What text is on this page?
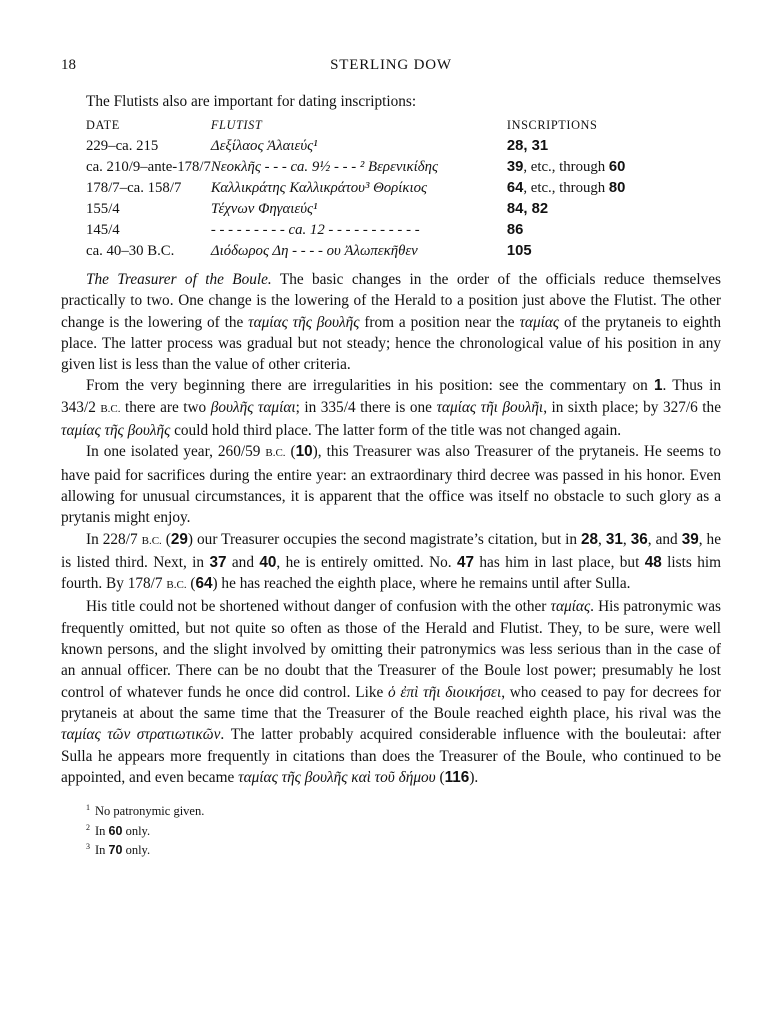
18	STERLING DOW
The Flutists also are important for dating inscriptions:
DATE	FLUTIST	INSCRIPTIONS
229–ca. 215	Δεξίλαος Ἁλαιεύς¹	28, 31
ca. 210/9–ante-178/7	Νεοκλῆς - - - ca. 9½ - - - ² Βερενικίδης	39, etc., through 60
178/7–ca. 158/7	Καλλικράτης Καλλικράτου³ Θορίκιος	64, etc., through 80
155/4	Τέχνων Φηγαιεύς¹	84, 82
145/4	- - - - - - - - - ca. 12 - - - - - - - - - - -	86
ca. 40–30 B.C.	Διόδωρος Δη - - - - ου Ἀλωπεκῆθεν	105

The Treasurer of the Boule. The basic changes in the order of the officials reduce themselves practically to two. One change is the lowering of the Herald to a position just above the Flutist. The other change is the lowering of the ταμίας τῆς βουλῆς from a position near the ταμίας of the prytaneis to eighth place. The latter process was gradual but not steady; hence the chronological value of his position in any given list is less than the value of other criteria.

From the very beginning there are irregularities in his position: see the commentary on 1. Thus in 343/2 B.C. there are two βουλῆς ταμίαι; in 335/4 there is one ταμίας τῆι βουλῆι, in sixth place; by 327/6 the ταμίας τῆς βουλῆς could hold third place. The latter form of the title was not changed again.

In one isolated year, 260/59 B.C. (10), this Treasurer was also Treasurer of the prytaneis. He seems to have paid for sacrifices during the entire year: an extraordinary third decree was passed in his honor. Even allowing for unusual circumstances, it is apparent that the office was itself no obstacle to such glory as a prytanis might enjoy.

In 228/7 B.C. (29) our Treasurer occupies the second magistrate’s citation, but in 28, 31, 36, and 39, he is listed third. Next, in 37 and 40, he is entirely omitted. No. 47 has him in last place, but 48 lists him fourth. By 178/7 B.C. (64) he has reached the eighth place, where he remains until after Sulla.

His title could not be shortened without danger of confusion with the other ταμίας. His patronymic was frequently omitted, but not quite so often as those of the Herald and Flutist. They, to be sure, were well known persons, and the slight involved by omitting their patronymics was less serious than in the case of an annual officer. There can be no doubt that the Treasurer of the Boule lost power; presumably he lost control of whatever funds he once did control. Like ὁ ἐπὶ τῆι διοικήσει, who ceased to pay for decrees for prytaneis at about the same time that the Treasurer of the Boule reached eighth place, his rival was the ταμίας τῶν στρατιωτικῶν. The latter probably acquired considerable influence with the bouleutai: after Sulla he appears more frequently in citations than does the Treasurer of the Boule, who continued to be appointed, and even became ταμίας τῆς βουλῆς καὶ τοῦ δήμου (116).

$^1$ No patronymic given.
$^2$ In 60 only.
$^3$ In 70 only.
